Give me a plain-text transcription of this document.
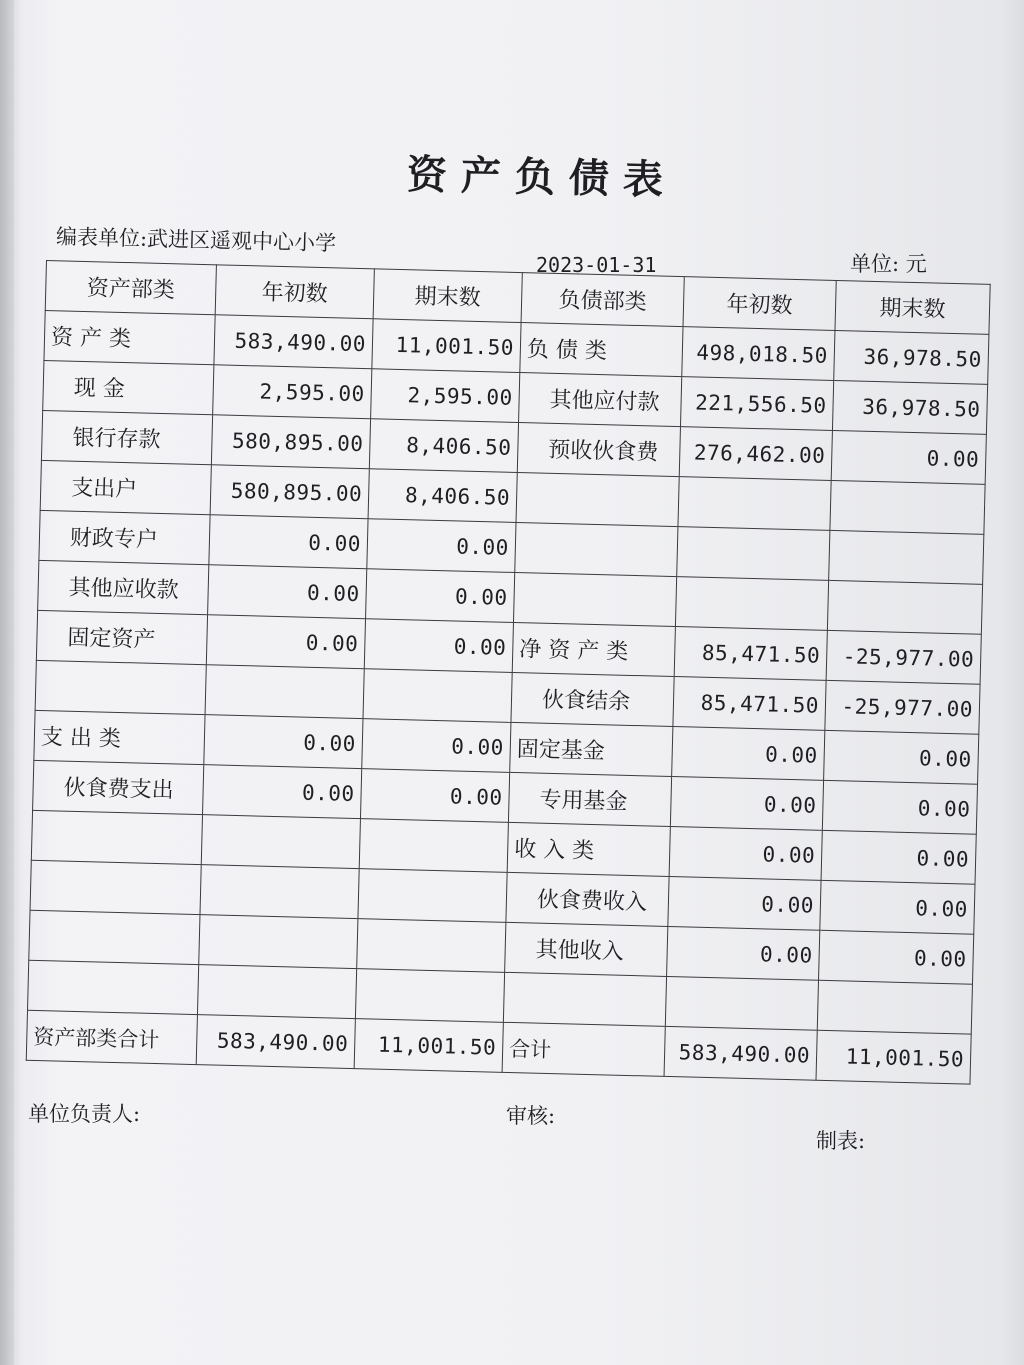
资产负债表
编表单位:武进区遥观中心小学
2023-01-31	单位: 元
资产部类	年初数	期末数	负债部类	年初数	期末数
资 产 类	583,490.00	11,001.50	负 债 类	498,018.50	36,978.50
现 金	2,595.00	2,595.00	其他应付款	221,556.50	36,978.50
银行存款	580,895.00	8,406.50	预收伙食费	276,462.00	0.00
支出户	580,895.00	8,406.50			
财政专户	0.00	0.00			
其他应收款	0.00	0.00			
固定资产	0.00	0.00	净 资 产 类	85,471.50	-25,977.00
			伙食结余	85,471.50	-25,977.00
支 出 类	0.00	0.00	固定基金	0.00	0.00
伙食费支出	0.00	0.00	专用基金	0.00	0.00
			收 入 类	0.00	0.00
			伙食费收入	0.00	0.00
			其他收入	0.00	0.00

资产部类合计	583,490.00	11,001.50	合计	583,490.00	11,001.50
单位负责人:	审核:
制表:
